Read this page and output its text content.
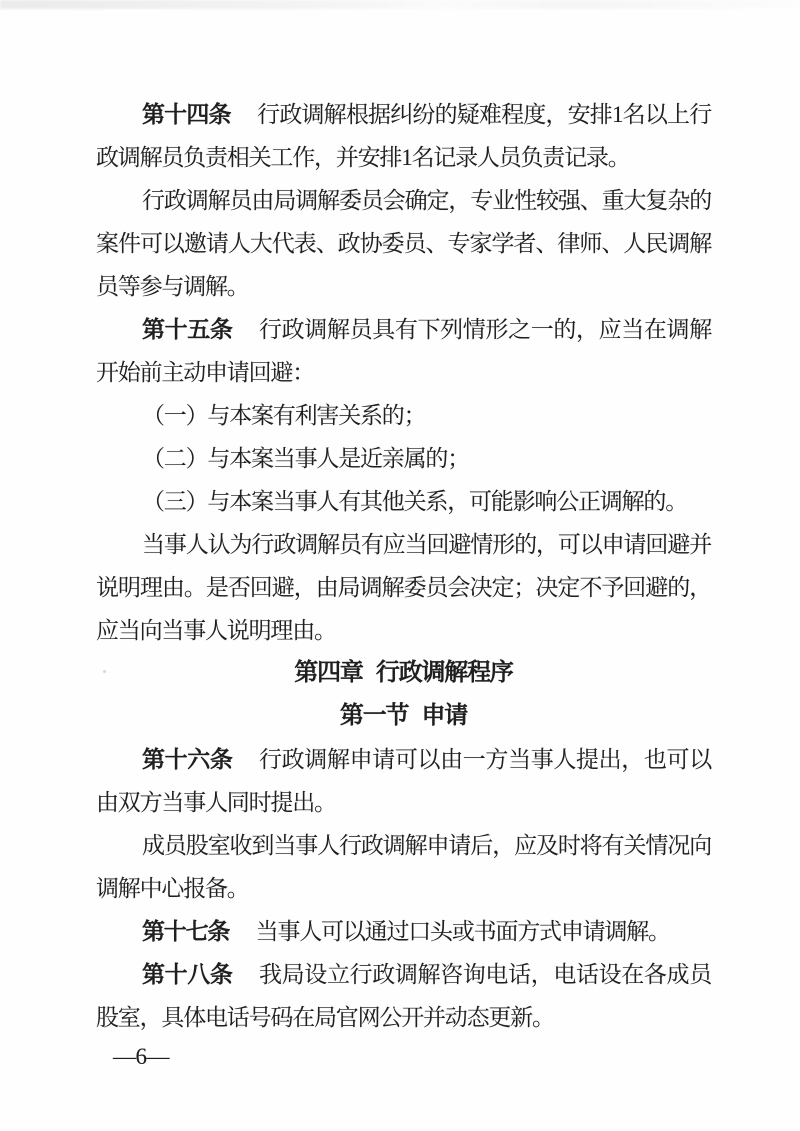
第十四条 行政调解根据纠纷的疑难程度，安排1名以上行政调解员负责相关工作，并安排1名记录人员负责记录。

行政调解员由局调解委员会确定，专业性较强、重大复杂的案件可以邀请人大代表、政协委员、专家学者、律师、人民调解员等参与调解。

第十五条 行政调解员具有下列情形之一的，应当在调解开始前主动申请回避：

（一）与本案有利害关系的；

（二）与本案当事人是近亲属的；

（三）与本案当事人有其他关系，可能影响公正调解的。

当事人认为行政调解员有应当回避情形的，可以申请回避并说明理由。是否回避，由局调解委员会决定；决定不予回避的，应当向当事人说明理由。

第四章 行政调解程序

第一节 申请

第十六条 行政调解申请可以由一方当事人提出，也可以由双方当事人同时提出。

成员股室收到当事人行政调解申请后，应及时将有关情况向调解中心报备。

第十七条 当事人可以通过口头或书面方式申请调解。

第十八条 我局设立行政调解咨询电话，电话设在各成员股室，具体电话号码在局官网公开并动态更新。

—6—
